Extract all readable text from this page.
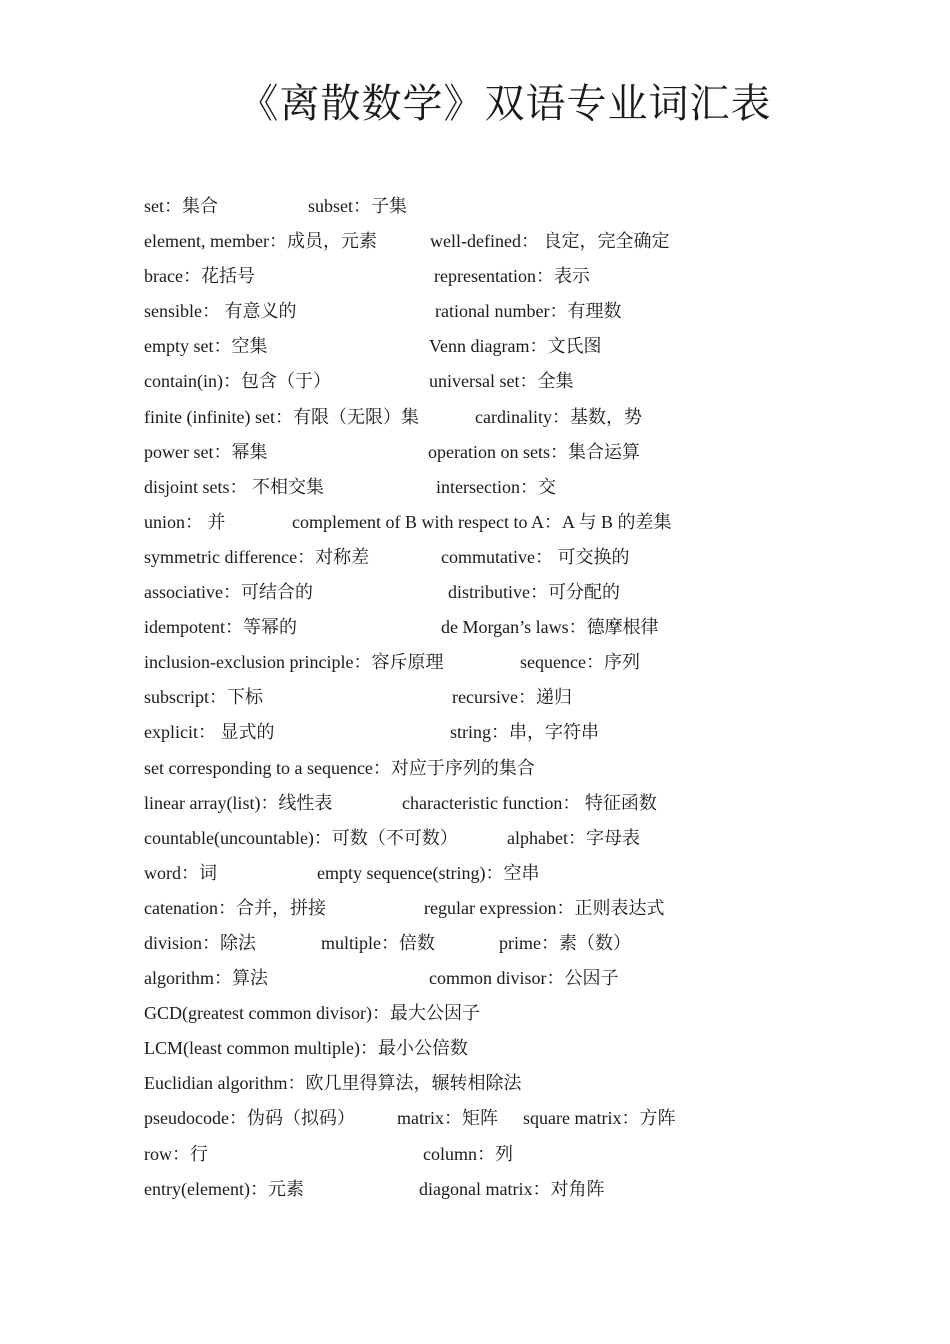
《离散数学》双语专业词汇表
set：集合	subset：子集
element, member：成员，元素	well-defined： 良定，完全确定
brace：花括号	representation：表示
sensible： 有意义的	rational number：有理数
empty set：空集	Venn diagram：文氏图
contain(in)：包含（于）	universal set：全集
finite (infinite) set：有限（无限）集	cardinality：基数，势
power set：幂集	operation on sets：集合运算
disjoint sets： 不相交集	intersection：交
union： 并	complement of B with respect to A：A 与 B 的差集
symmetric difference：对称差	commutative： 可交换的
associative：可结合的	distributive：可分配的
idempotent：等幂的	de Morgan’s laws：德摩根律
inclusion-exclusion principle：容斥原理	sequence：序列
subscript：下标	recursive：递归
explicit： 显式的	string：串，字符串
set corresponding to a sequence：对应于序列的集合
linear array(list)：线性表	characteristic function： 特征函数
countable(uncountable)：可数（不可数）	alphabet：字母表
word：词	empty sequence(string)：空串
catenation：合并，拼接	regular expression：正则表达式
division：除法	multiple：倍数	prime：素（数）
algorithm：算法	common divisor：公因子
GCD(greatest common divisor)：最大公因子
LCM(least common multiple)：最小公倍数
Euclidian algorithm：欧几里得算法，辗转相除法
pseudocode：伪码（拟码） matrix：矩阵 square matrix：方阵
row：行	column：列
entry(element)：元素	diagonal matrix：对角阵
